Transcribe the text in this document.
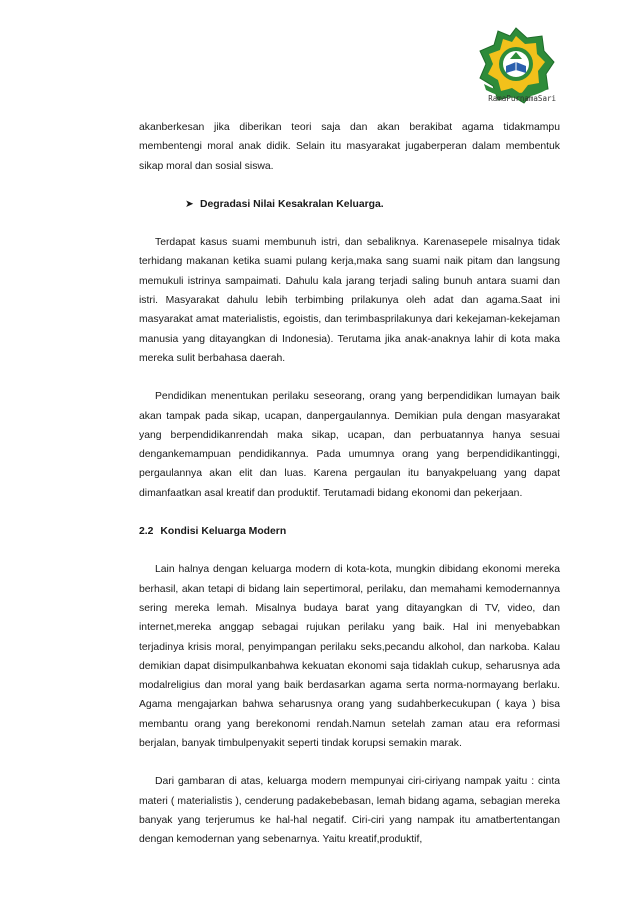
RamaPurnamaSari

akanberkesan jika diberikan teori saja dan akan berakibat agama tidakmampu membentengi moral anak didik. Selain itu masyarakat jugaberperan dalam membentuk sikap moral dan sosial siswa.

➤ Degradasi Nilai Kesakralan Keluarga.

Terdapat kasus suami membunuh istri, dan sebaliknya. Karenasepele misalnya tidak terhidang makanan ketika suami pulang kerja,maka sang suami naik pitam dan langsung memukuli istrinya sampaimati. Dahulu kala jarang terjadi saling bunuh antara suami dan istri. Masyarakat dahulu lebih terbimbing prilakunya oleh adat dan agama.Saat ini masyarakat amat materialistis, egoistis, dan terimbasprilakunya dari kekejaman-kekejaman manusia yang ditayangkan di Indonesia). Terutama jika anak-anaknya lahir di kota maka mereka sulit berbahasa daerah.

Pendidikan menentukan perilaku seseorang, orang yang berpendidikan lumayan baik akan tampak pada sikap, ucapan, danpergaulannya. Demikian pula dengan masyarakat yang berpendidikanrendah maka sikap, ucapan, dan perbuatannya hanya sesuai dengankemampuan pendidikannya. Pada umumnya orang yang berpendidikantinggi, pergaulannya akan elit dan luas. Karena pergaulan itu banyakpeluang yang dapat dimanfaatkan asal kreatif dan produktif. Terutamadi bidang ekonomi dan pekerjaan.

2.2 Kondisi Keluarga Modern

Lain halnya dengan keluarga modern di kota-kota, mungkin dibidang ekonomi mereka berhasil, akan tetapi di bidang lain sepertimoral, perilaku, dan memahami kemodernannya sering mereka lemah. Misalnya budaya barat yang ditayangkan di TV, video, dan internet,mereka anggap sebagai rujukan perilaku yang baik. Hal ini menyebabkan terjadinya krisis moral, penyimpangan perilaku seks,pecandu alkohol, dan narkoba. Kalau demikian dapat disimpulkanbahwa kekuatan ekonomi saja tidaklah cukup, seharusnya ada modalreligius dan moral yang baik berdasarkan agama serta norma-normayang berlaku. Agama mengajarkan bahwa seharusnya orang yang sudahberkecukupan ( kaya ) bisa membantu orang yang berekonomi rendah.Namun setelah zaman atau era reformasi berjalan, banyak timbulpenyakit seperti tindak korupsi semakin marak.

Dari gambaran di atas, keluarga modern mempunyai ciri-ciriyang nampak yaitu : cinta materi ( materialistis ), cenderung padakebebasan, lemah bidang agama, sebagian mereka banyak yang terjerumus ke hal-hal negatif. Ciri-ciri yang nampak itu amatbertentangan dengan kemodernan yang sebenarnya. Yaitu kreatif,produktif,
